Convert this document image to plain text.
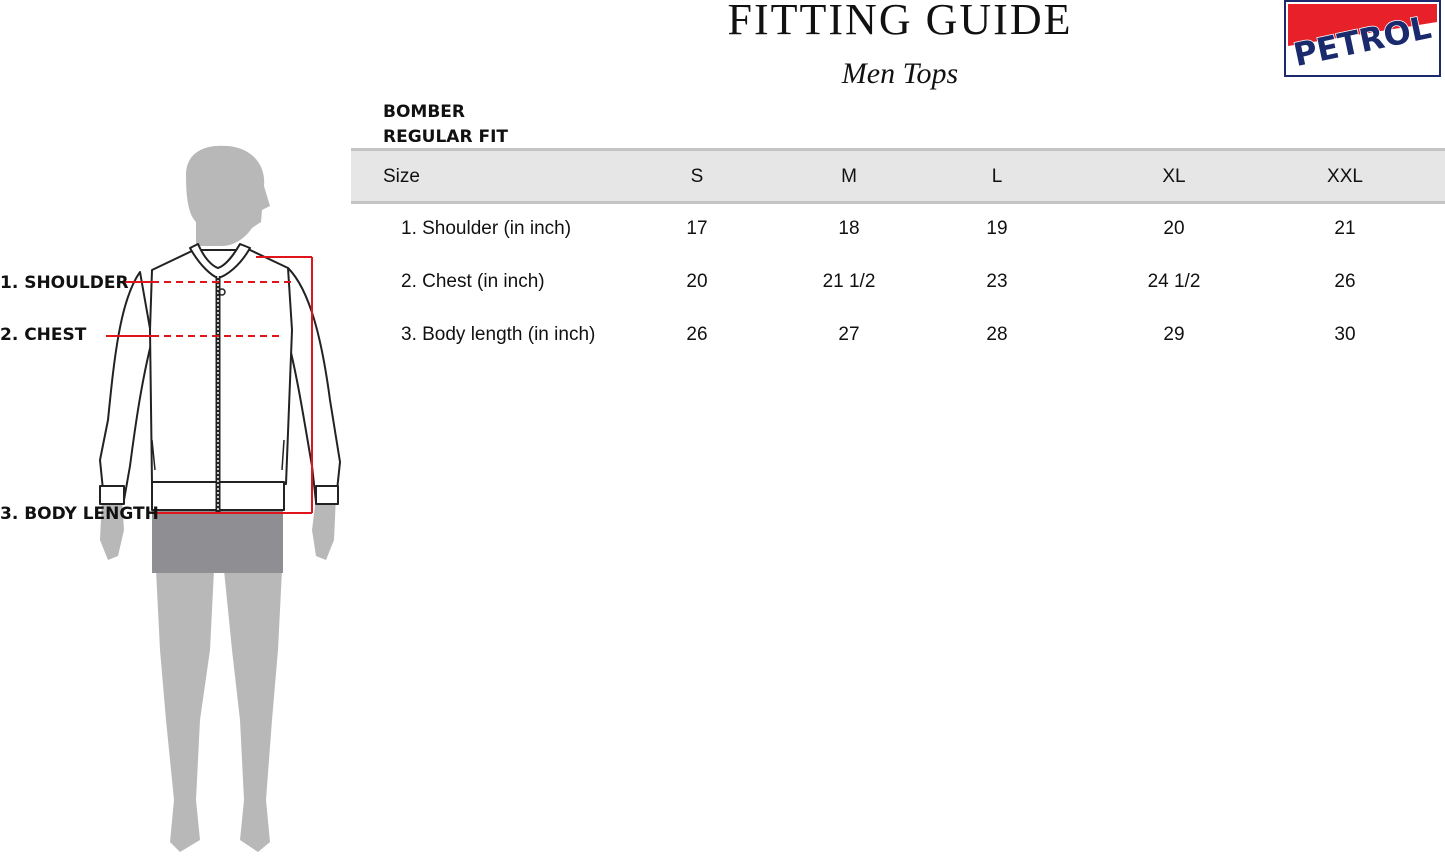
FITTING GUIDE
Men Tops	PETROL
BOMBER
REGULAR FIT
Size	S	M	L	XL	XXL
1. Shoulder (in inch)	17	18	19	20	21
2. Chest (in inch)	20	21 1/2	23	24 1/2	26
3. Body length (in inch)	26	27	28	29	30
1. SHOULDER
2. CHEST
3. BODY LENGTH
